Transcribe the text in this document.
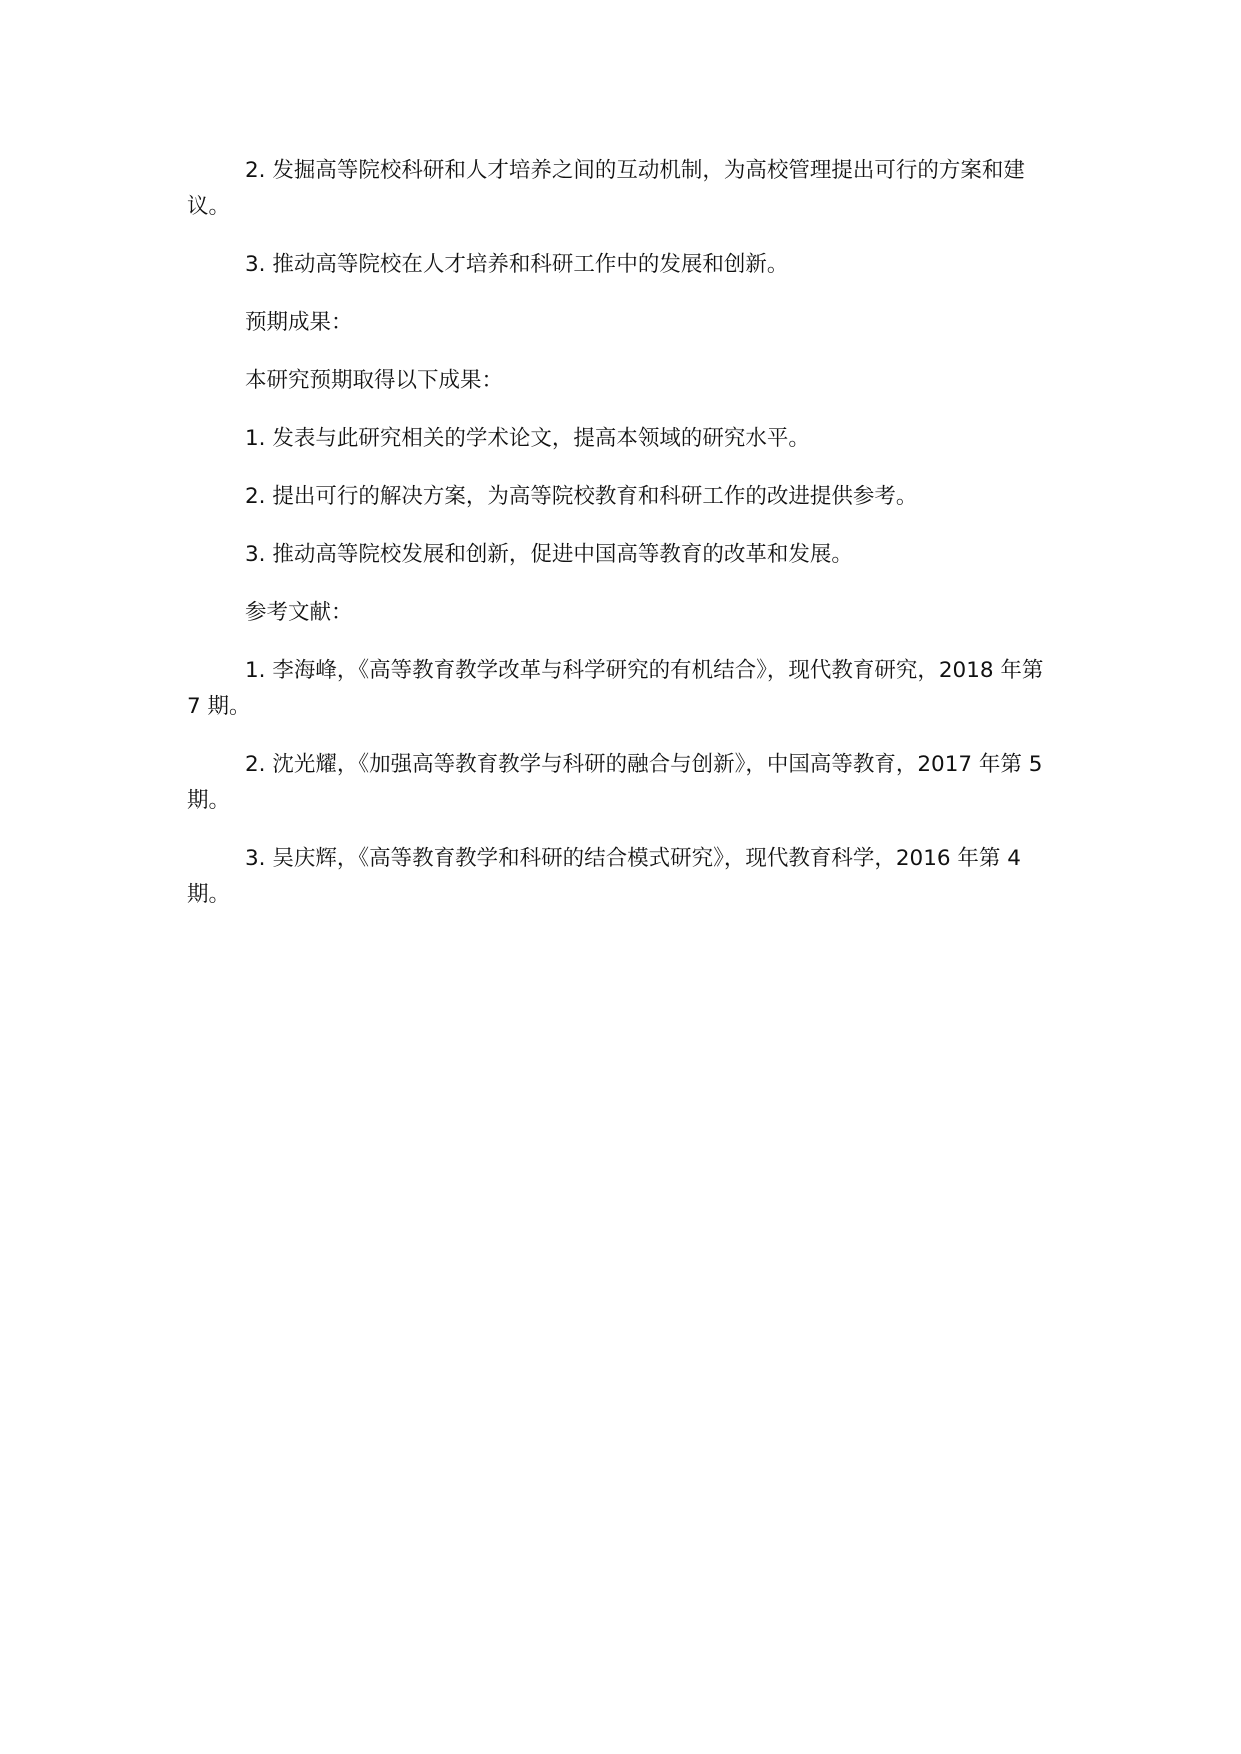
2. 发掘高等院校科研和人才培养之间的互动机制，为高校管理提出可行的方案和建议。

3. 推动高等院校在人才培养和科研工作中的发展和创新。

预期成果：

本研究预期取得以下成果：

1. 发表与此研究相关的学术论文，提高本领域的研究水平。

2. 提出可行的解决方案，为高等院校教育和科研工作的改进提供参考。

3. 推动高等院校发展和创新，促进中国高等教育的改革和发展。

参考文献：

1. 李海峰，《高等教育教学改革与科学研究的有机结合》，现代教育研究，2018 年第 7 期。

2. 沈光耀，《加强高等教育教学与科研的融合与创新》，中国高等教育，2017 年第 5 期。

3. 吴庆辉，《高等教育教学和科研的结合模式研究》，现代教育科学，2016 年第 4 期。
